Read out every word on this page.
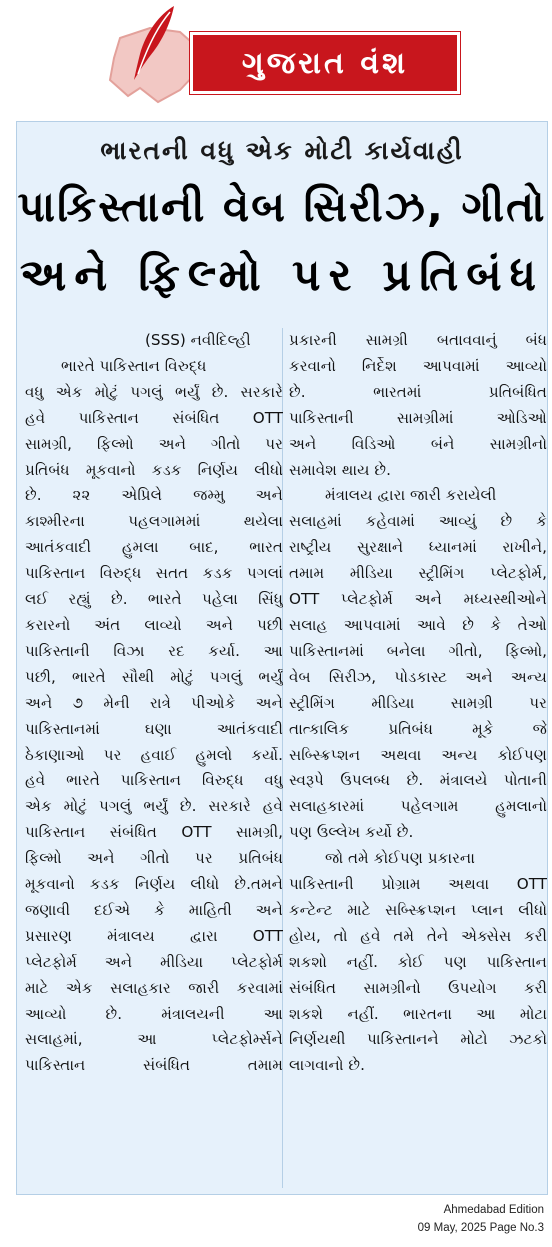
ગુજરાત વંશ
ભારતની વધુ એક મોટી કાર્યવાહી
પાકિસ્તાની વેબ સિરીઝ, ગીતો
અને ફિલ્મો પર પ્રતિબંધ
(SSS) નવીદિલ્હી
ભારતે પાકિસ્તાન વિરુદ્ધ
વધુ એક મોટું પગલું ભર્યું છે. સરકારે
હવે પાકિસ્તાન સંબંધિત OTT
સામગ્રી, ફિલ્મો અને ગીતો પર
પ્રતિબંધ મૂકવાનો કડક નિર્ણય લીધો
છે. ૨૨ એપ્રિલે જમ્મુ અને
કાશ્મીરના પહલગામમાં થયેલા
આતંકવાદી હુમલા બાદ, ભારત
પાકિસ્તાન વિરુદ્ધ સતત કડક પગલાં
લઈ રહ્યું છે. ભારતે પહેલા સિંધુ
કરારનો અંત લાવ્યો અને પછી
પાકિસ્તાની વિઝા રદ કર્યા. આ
પછી, ભારતે સૌથી મોટું પગલું ભર્યું
અને ૭ મેની રાત્રે પીઓકે અને
પાકિસ્તાનમાં ઘણા આતંકવાદી
ઠેકાણાઓ પર હવાઈ હુમલો કર્યો.
હવે ભારતે પાકિસ્તાન વિરુદ્ધ વધુ
એક મોટું પગલું ભર્યું છે. સરકારે હવે
પાકિસ્તાન સંબંધિત OTT સામગ્રી,
ફિલ્મો અને ગીતો પર પ્રતિબંધ
મૂકવાનો કડક નિર્ણય લીધો છે.તમને
જણાવી દઈએ કે માહિતી અને
પ્રસારણ મંત્રાલય દ્વારા OTT
પ્લેટફોર્મ અને મીડિયા પ્લેટફોર્મ
માટે એક સલાહકાર જારી કરવામાં
આવ્યો છે. મંત્રાલયની આ
સલાહમાં, આ પ્લેટફોર્મ્સને
પાકિસ્તાન સંબંધિત તમામ
પ્રકારની સામગ્રી બતાવવાનું બંધ
કરવાનો નિર્દેશ આપવામાં આવ્યો
છે. ભારતમાં પ્રતિબંધિત
પાકિસ્તાની સામગ્રીમાં ઓડિઓ
અને વિડિઓ બંને સામગ્રીનો
સમાવેશ થાય છે.
મંત્રાલય દ્વારા જારી કરાયેલી
સલાહમાં કહેવામાં આવ્યું છે કે
રાષ્ટ્રીય સુરક્ષાને ધ્યાનમાં રાખીને,
તમામ મીડિયા સ્ટ્રીમિંગ પ્લેટફોર્મ,
OTT પ્લેટફોર્મ અને મધ્યસ્થીઓને
સલાહ આપવામાં આવે છે કે તેઓ
પાકિસ્તાનમાં બનેલા ગીતો, ફિલ્મો,
વેબ સિરીઝ, પોડકાસ્ટ અને અન્ય
સ્ટ્રીમિંગ મીડિયા સામગ્રી પર
તાત્કાલિક પ્રતિબંધ મૂકે જે
સબ્સ્ક્રિપ્શન અથવા અન્ય કોઈપણ
સ્વરૂપે ઉપલબ્ધ છે. મંત્રાલયે પોતાની
સલાહકારમાં પહેલગામ હુમલાનો
પણ ઉલ્લેખ કર્યો છે.
જો તમે કોઈપણ પ્રકારના
પાકિસ્તાની પ્રોગ્રામ અથવા OTT
કન્ટેન્ટ માટે સબ્સ્ક્રિપ્શન પ્લાન લીધો
હોય, તો હવે તમે તેને એક્સેસ કરી
શકશો નહીં. કોઈ પણ પાકિસ્તાન
સંબંધિત સામગ્રીનો ઉપયોગ કરી
શકશે નહીં. ભારતના આ મોટા
નિર્ણયથી પાકિસ્તાનને મોટો ઝટકો
લાગવાનો છે.
Ahmedabad Edition
09 May, 2025 Page No.3
